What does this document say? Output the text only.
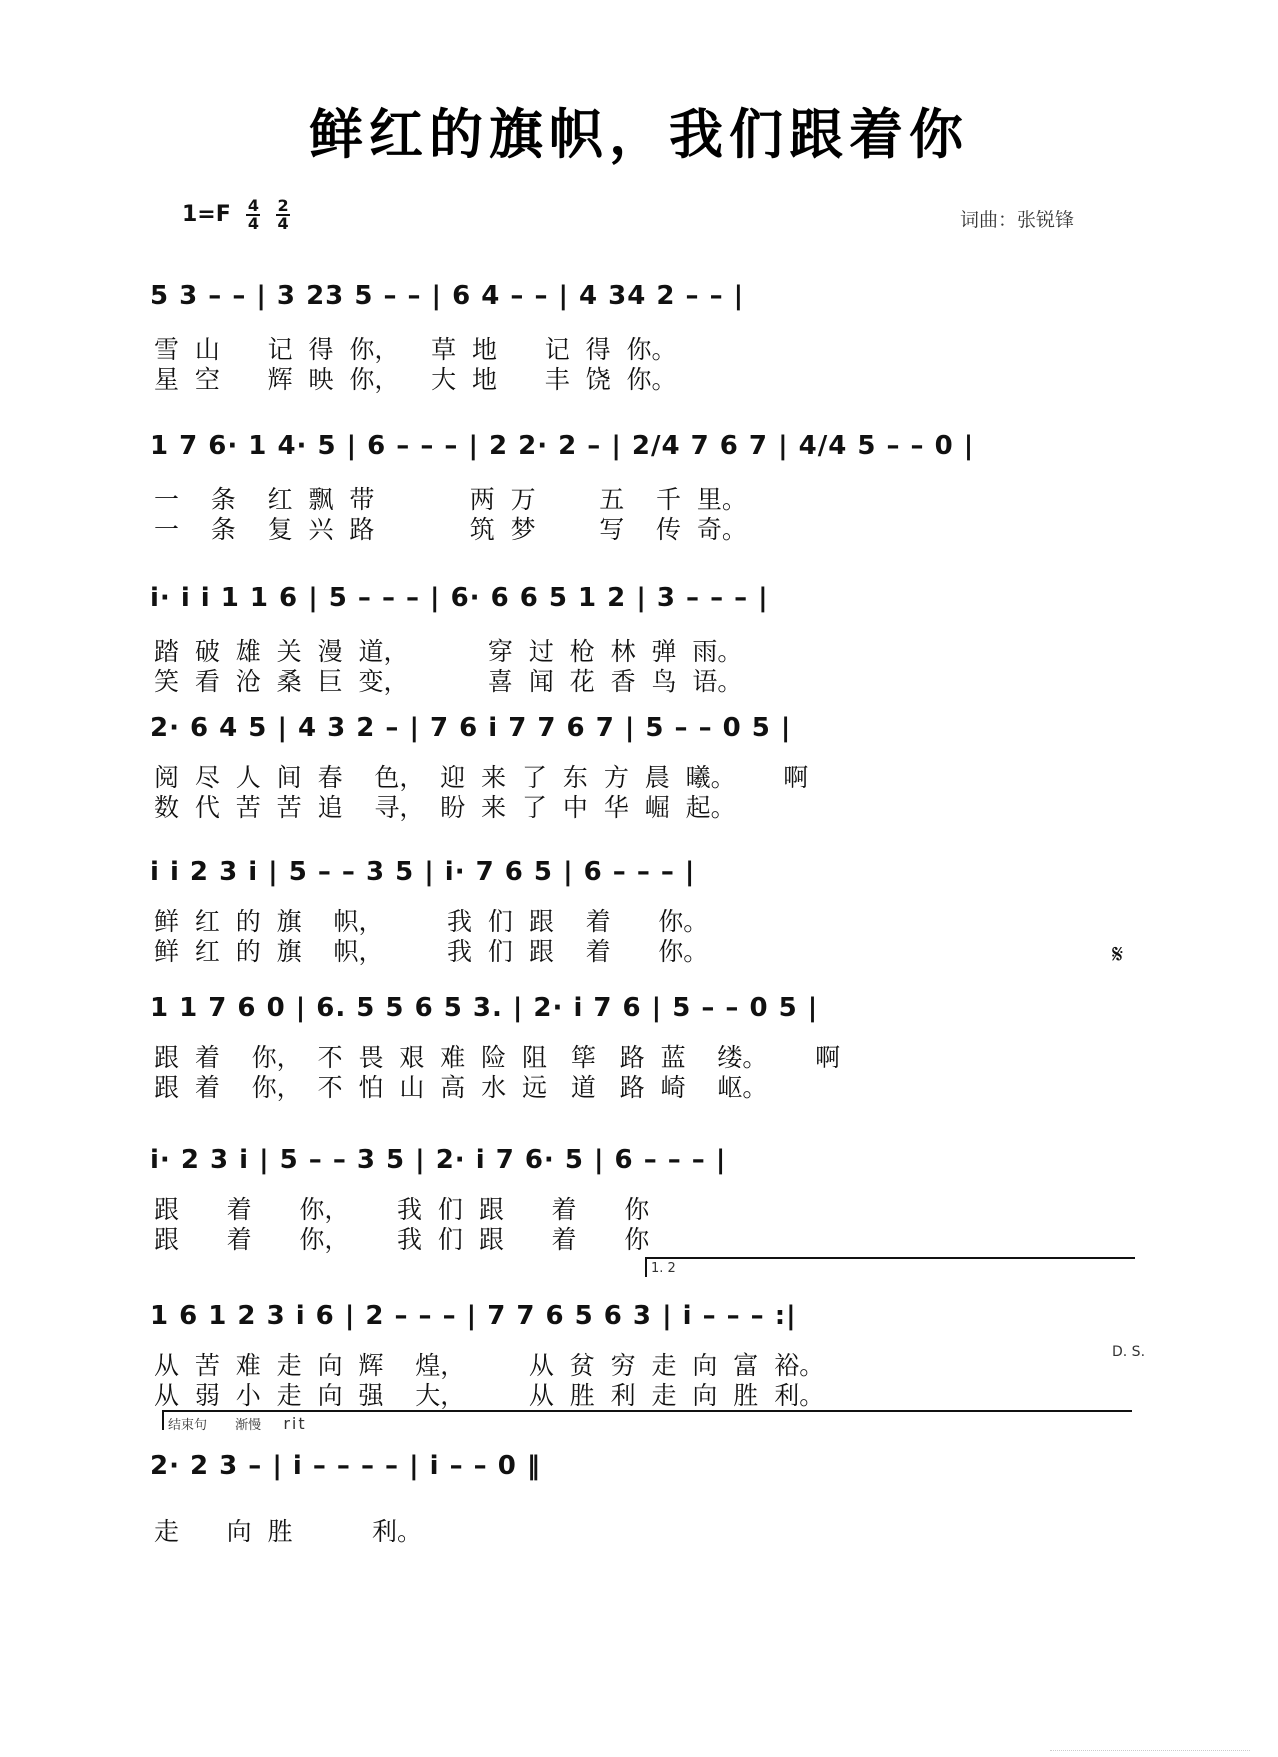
鲜红的旗帜，我们跟着你
$1=F \frac{4}{4}$
$\frac{2}{4}$	词曲：张锐锋
5 3 – – | 3 23 5 – – | 6 4 – – | 4 34 2 – – |
雪  山      记  得  你，    草  地      记  得  你。
星  空      辉  映  你，    大  地      丰  饶  你。
1 7 6· 1 4· 5 | 6 – – – | 2 2· 2 – | 2/4 7 6 7 | 4/4 5 – – 0 |
一    条    红  飘  带            两  万        五    千  里。
一    条    复  兴  路            筑  梦        写    传  奇。
i· i i 1 1 6 | 5 – – – | 6· 6 6 5 1 2 | 3 – – – |
踏  破  雄  关  漫  道，          穿  过  枪  林  弹  雨。
笑  看  沧  桑  巨  变，          喜  闻  花  香  鸟  语。
2· 6 4 5 | 4 3 2 – | 7 6 i 7 7 6 7 | 5 – – 0 5 |
阅  尽  人  间  春    色，  迎  来  了  东  方  晨  曦。      啊
数  代  苦  苦  追    寻，  盼  来  了  中  华  崛  起。
i i 2 3 i | 5 – – 3 5 | i· 7 6 5 | 6 – – – |
鲜  红  的  旗    帜，        我  们  跟    着      你。
鲜  红  的  旗    帜，        我  们  跟    着      你。	𝄋
1 1 7 6 0 | 6. 5 5 6 5 3. | 2· i 7 6 | 5 – – 0 5 |
跟  着    你，  不  畏  艰  难  险  阻   筚   路  蓝    缕。      啊
跟  着    你，  不  怕  山  高  水  远   道   路  崎    岖。
i· 2 3 i | 5 – – 3 5 | 2· i 7 6· 5 | 6 – – – |
跟      着      你，      我  们  跟      着      你
跟      着      你，      我  们  跟      着      你
1. 2
1 6 1 2 3 i 6 | 2 – – – | 7 7 6 5 6 3 | i – – – :|
从  苦  难  走  向  辉    煌，        从  贫  穷  走  向  富  裕。
从  弱  小  走  向  强    大，        从  胜  利  走  向  胜  利。
D. S.
结束句 渐慢 rit
2· 2 3 – | i – – – – | i – – 0 ‖
走      向  胜          利。
